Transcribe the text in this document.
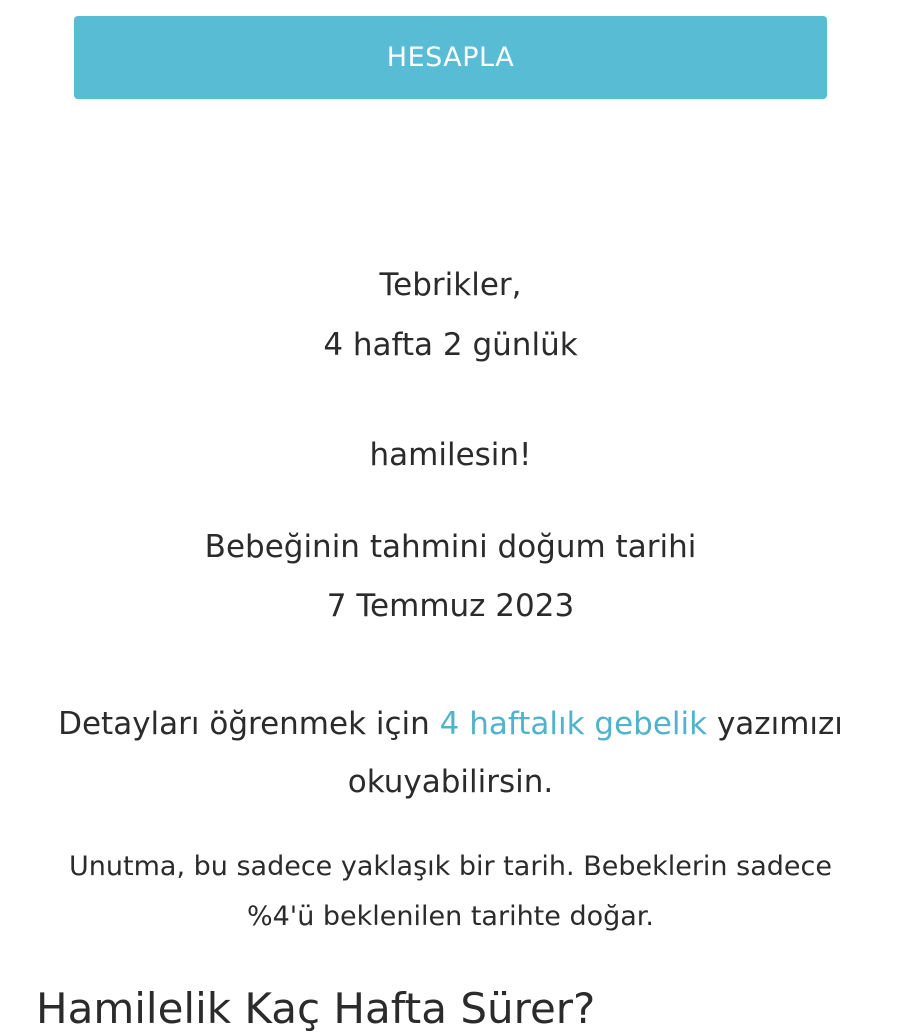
HESAPLA
Tebrikler,
4 hafta 2 günlük
hamilesin!
Bebeğinin tahmini doğum tarihi
7 Temmuz 2023
Detayları öğrenmek için 4 haftalık gebelik yazımızı okuyabilirsin.
Unutma, bu sadece yaklaşık bir tarih. Bebeklerin sadece %4'ü beklenilen tarihte doğar.
Hamilelik Kaç Hafta Sürer?
